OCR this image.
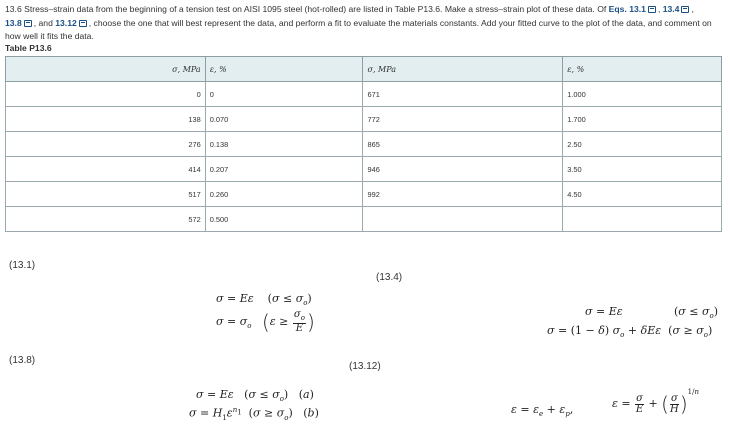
13.6 Stress–strain data from the beginning of a tension test on AISI 1095 steel (hot-rolled) are listed in Table P13.6. Make a stress–strain plot of these data. Of Eqs. 13.1 , 13.4 ,
13.8 , and 13.12 , choose the one that will best represent the data, and perform a fit to evaluate the materials constants. Add your fitted curve to the plot of the data, and comment on how well it fits the data.
Table P13.6
σ, MPa	ε, %	σ, MPa	ε, %
0	0	671	1.000
138	0.070	772	1.700
276	0.138	865	2.50
414	0.207	946	3.50
517	0.260	992	4.50
572	0.500		
(13.1)
(13.4)
(13.8)
(13.12)
σ = Eε    $(\sigma \le \sigma_o)$
$\sigma = \sigma_o$ ($\varepsilon \ge \frac{\sigma_o}{E}$ )	σ = Eε	$(\sigma \le \sigma_o)$
σ = (1 − δ) $\sigma_o + \delta E\varepsilon$  $(\sigma \ge \sigma_o)$
σ = Eε   $(\sigma \le \sigma_o)$   (a)
$\sigma = H_1\varepsilon^{n_1}$  $(\sigma \ge \sigma_o)$   (b)	$\varepsilon = \varepsilon_e + \varepsilon_p$,	$\varepsilon = \frac{\sigma}{E}$ + ( $\frac{\sigma}{H} )^{1/n}$
